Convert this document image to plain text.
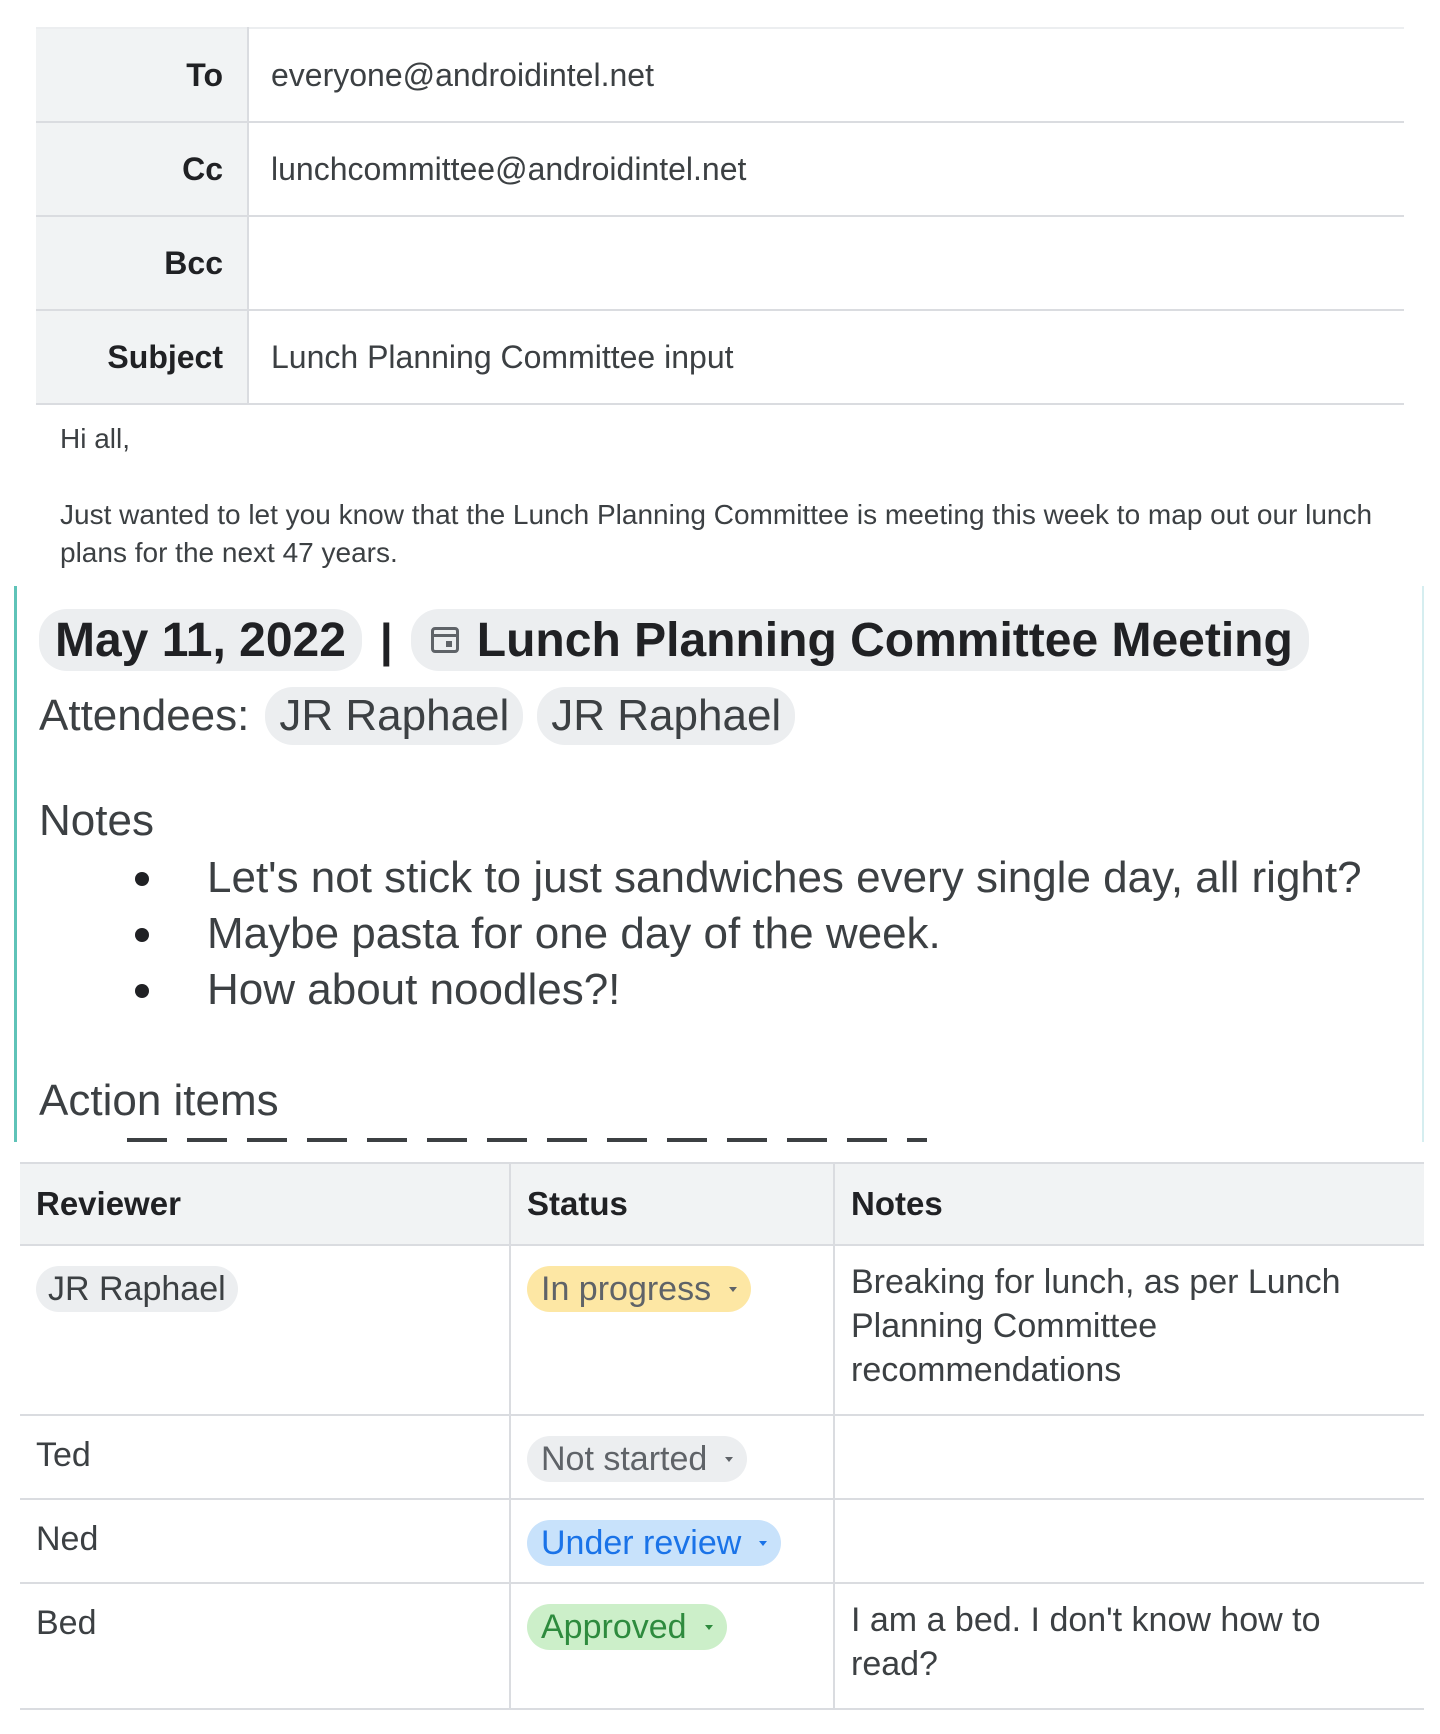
To	everyone@androidintel.net
Cc	lunchcommittee@androidintel.net
Bcc	
Subject	Lunch Planning Committee input

Hi all,

Just wanted to let you know that the Lunch Planning Committee is meeting this week to map out our lunch plans for the next 47 years.

May 11, 2022 | Lunch Planning Committee Meeting
Attendees: JR Raphael JR Raphael
Notes
Let's not stick to just sandwiches every single day, all right?
Maybe pasta for one day of the week.
How about noodles?!
Action items
Reviewer	Status	Notes
JR Raphael	In progress	Breaking for lunch, as per Lunch Planning Committee recommendations
Ted	Not started	

Ned	Under review	

Bed	Approved	I am a bed. I don't know how to read?
